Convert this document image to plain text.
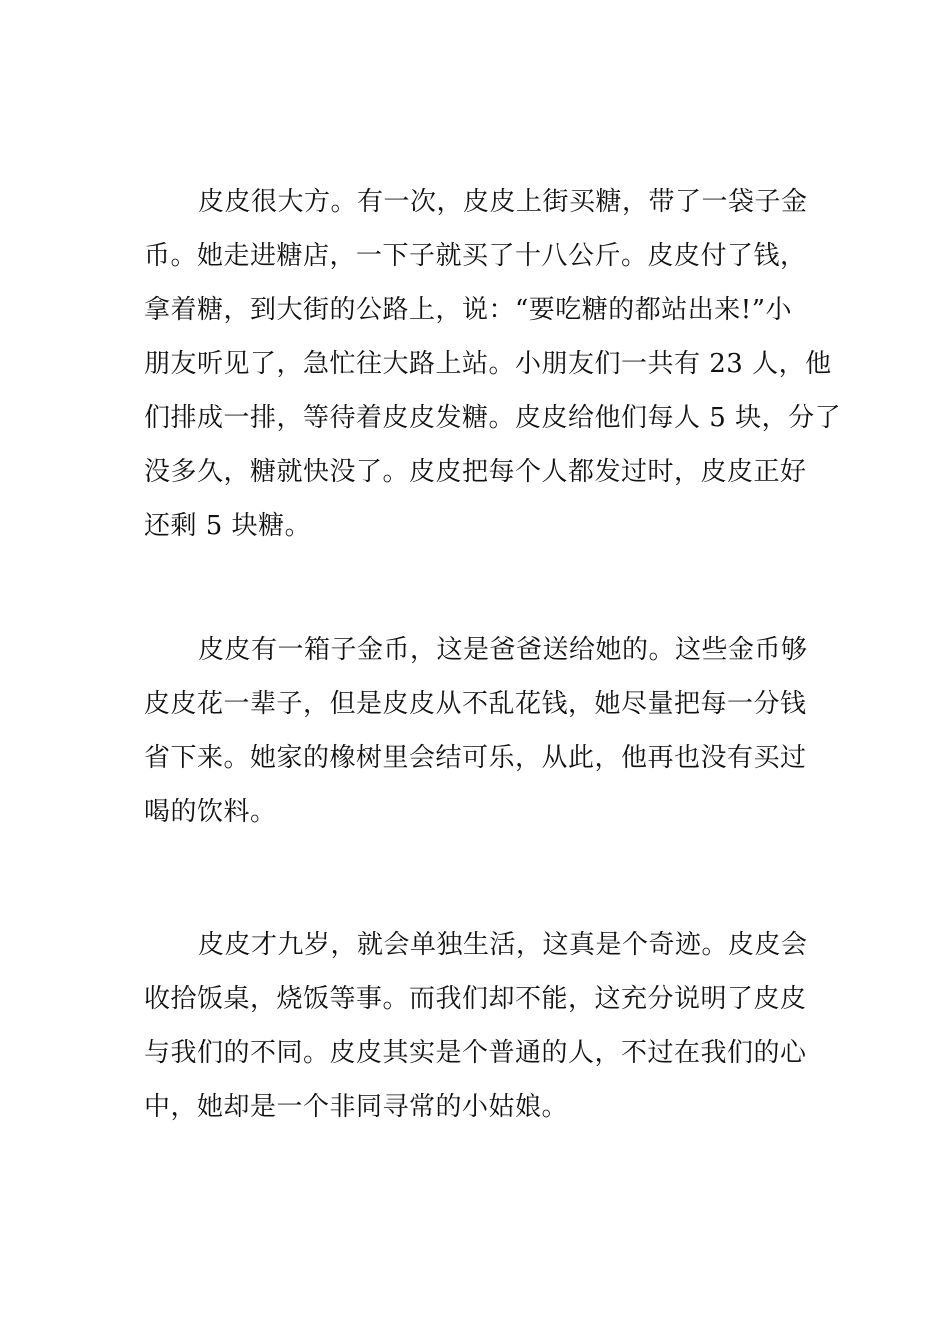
皮皮很大方。有一次，皮皮上街买糖，带了一袋子金
币。她走进糖店，一下子就买了十八公斤。皮皮付了钱，
拿着糖，到大街的公路上，说：“要吃糖的都站出来!”小
朋友听见了，急忙往大路上站。小朋友们一共有 23 人，他
们排成一排，等待着皮皮发糖。皮皮给他们每人 5 块，分了
没多久，糖就快没了。皮皮把每个人都发过时，皮皮正好
还剩 5 块糖。

皮皮有一箱子金币，这是爸爸送给她的。这些金币够
皮皮花一辈子，但是皮皮从不乱花钱，她尽量把每一分钱
省下来。她家的橡树里会结可乐，从此，他再也没有买过
喝的饮料。

皮皮才九岁，就会单独生活，这真是个奇迹。皮皮会
收拾饭桌，烧饭等事。而我们却不能，这充分说明了皮皮
与我们的不同。皮皮其实是个普通的人，不过在我们的心
中，她却是一个非同寻常的小姑娘。
